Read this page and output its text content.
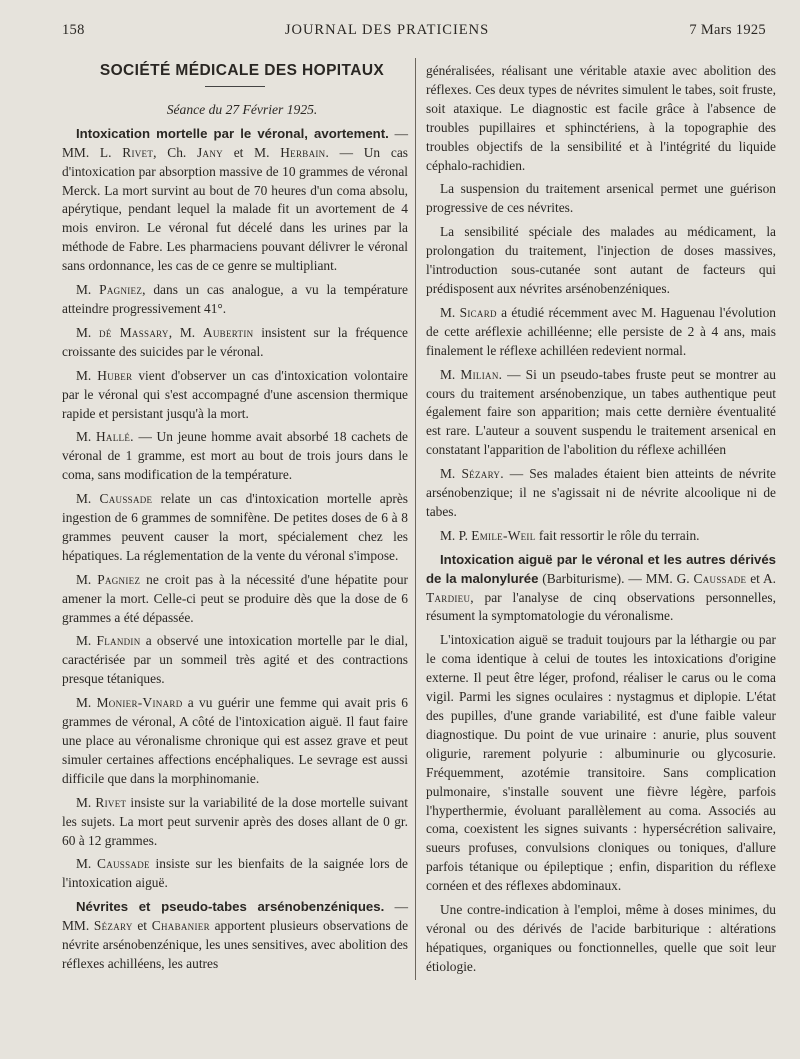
158	JOURNAL DES PRATICIENS	7 Mars 1925

SOCIÉTÉ MÉDICALE DES HOPITAUX

Séance du 27 Février 1925.

Intoxication mortelle par le véronal, avortement. — MM. L. Rivet, Ch. Jany et M. Herbain. — Un cas d'intoxication par absorption massive de 10 grammes de véronal Merck. La mort survint au bout de 70 heures d'un coma absolu, apérytique, pendant lequel la malade fit un avortement de 4 mois environ. Le véronal fut décelé dans les urines par la méthode de Fabre. Les pharmaciens pouvant délivrer le véronal sans ordonnance, les cas de ce genre se multipliant.

M. Pagniez, dans un cas analogue, a vu la température atteindre progressivement 41°.

M. dé Massary, M. Aubertin insistent sur la fréquence croissante des suicides par le véronal.

M. Huber vient d'observer un cas d'intoxication volontaire par le véronal qui s'est accompagné d'une ascension thermique rapide et persistant jusqu'à la mort.

M. Hallé. — Un jeune homme avait absorbé 18 cachets de véronal de 1 gramme, est mort au bout de trois jours dans le coma, sans modification de la température.

M. Caussade relate un cas d'intoxication mortelle après ingestion de 6 grammes de somnifène. De petites doses de 6 à 8 grammes peuvent causer la mort, spécialement chez les hépatiques. La réglementation de la vente du véronal s'impose.

M. Pagniez ne croit pas à la nécessité d'une hépatite pour amener la mort. Celle-ci peut se produire dès que la dose de 6 grammes a été dépassée.

M. Flandin a observé une intoxication mortelle par le dial, caractérisée par un sommeil très agité et des contractions presque tétaniques.

M. Monier-Vinard a vu guérir une femme qui avait pris 6 grammes de véronal, A côté de l'intoxication aiguë. Il faut faire une place au véronalisme chronique qui est assez grave et peut simuler certaines affections encéphaliques. Le sevrage est aussi difficile que dans la morphinomanie.

M. Rivet insiste sur la variabilité de la dose mortelle suivant les sujets. La mort peut survenir après des doses allant de 0 gr. 60 à 12 grammes.

M. Caussade insiste sur les bienfaits de la saignée lors de l'intoxication aiguë.

Névrites et pseudo-tabes arsénobenzéniques. — MM. Sézary et Chabanier apportent plusieurs observations de névrite arsénobenzénique, les unes sensitives, avec abolition des réflexes achilléens, les autres

généralisées, réalisant une véritable ataxie avec abolition des réflexes. Ces deux types de névrites simulent le tabes, soit fruste, soit ataxique. Le diagnostic est facile grâce à l'absence de troubles pupillaires et sphinctériens, à la topographie des troubles objectifs de la sensibilité et à l'intégrité du liquide céphalo-rachidien.

La suspension du traitement arsenical permet une guérison progressive de ces névrites.

La sensibilité spéciale des malades au médicament, la prolongation du traitement, l'injection de doses massives, l'introduction sous-cutanée sont autant de facteurs qui prédisposent aux névrites arsénobenzéniques.

M. Sicard a étudié récemment avec M. Haguenau l'évolution de cette aréflexie achilléenne; elle persiste de 2 à 4 ans, mais finalement le réflexe achilléen redevient normal.

M. Milian. — Si un pseudo-tabes fruste peut se montrer au cours du traitement arsénobenzique, un tabes authentique peut également faire son apparition; mais cette dernière éventualité est rare. L'auteur a souvent suspendu le traitement arsenical en constatant l'apparition de l'abolition du réflexe achilléen

M. Sézary. — Ses malades étaient bien atteints de névrite arsénobenzique; il ne s'agissait ni de névrite alcoolique ni de tabes.

M. P. Emile-Weil fait ressortir le rôle du terrain.

Intoxication aiguë par le véronal et les autres dérivés de la malonylurée (Barbiturisme). — MM. G. Caussade et A. Tardieu, par l'analyse de cinq observations personnelles, résument la symptomatologie du véronalisme.

L'intoxication aiguë se traduit toujours par la léthargie ou par le coma identique à celui de toutes les intoxications d'origine externe. Il peut être léger, profond, réaliser le carus ou le coma vigil. Parmi les signes oculaires : nystagmus et diplopie. L'état des pupilles, d'une grande variabilité, est d'une faible valeur diagnostique. Du point de vue urinaire : anurie, plus souvent oligurie, rarement polyurie : albuminurie ou glycosurie. Fréquemment, azotémie transitoire. Sans complication pulmonaire, s'installe souvent une fièvre légère, parfois l'hyperthermie, évoluant parallèlement au coma. Associés au coma, coexistent les signes suivants : hypersécrétion salivaire, sueurs profuses, convulsions cloniques ou toniques, d'allure parfois tétanique ou épileptique ; enfin, disparition du réflexe cornéen et des réflexes abdominaux.

Une contre-indication à l'emploi, même à doses minimes, du véronal ou des dérivés de l'acide barbiturique : altérations hépatiques, organiques ou fonctionnelles, quelle que soit leur étiologie.
